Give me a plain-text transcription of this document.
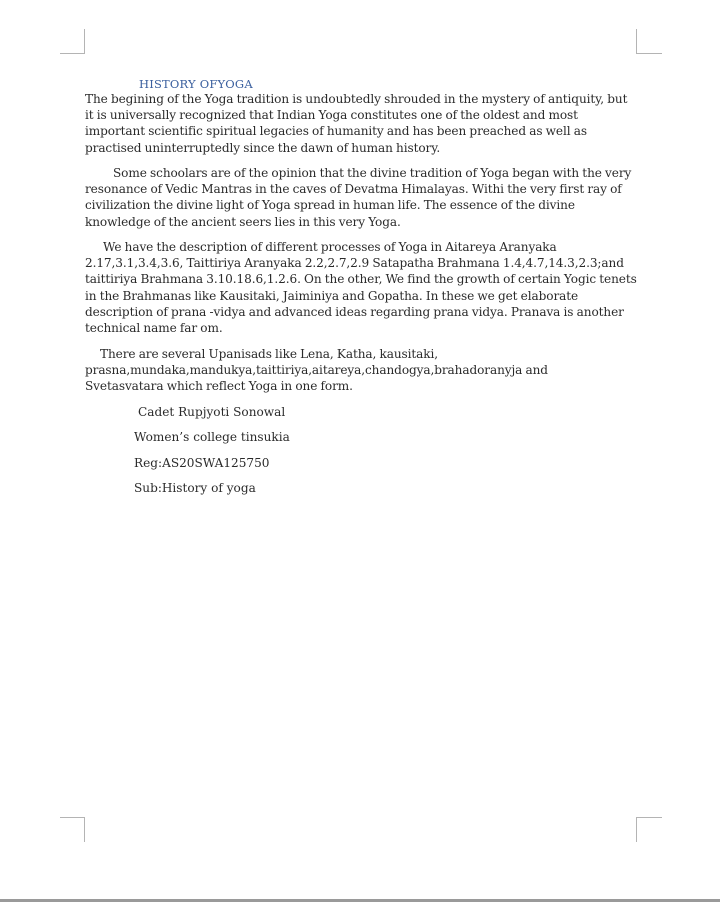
HISTORY OFYOGA
The begining of the Yoga tradition is undoubtedly shrouded in the mystery of antiquity, but
it is universally recognized that Indian Yoga constitutes one of the oldest and most
important scientific spiritual legacies of humanity and has been preached as well as
practised uninterruptedly since the dawn of human history.
Some schoolars are of the opinion that the divine tradition of Yoga began with the very
resonance of Vedic Mantras in the caves of Devatma Himalayas. Withi the very first ray of
civilization the divine light of Yoga spread in human life. The essence of the divine
knowledge of the ancient seers lies in this very Yoga.
We have the description of different processes of Yoga in Aitareya Aranyaka
2.17,3.1,3.4,3.6, Taittiriya Aranyaka 2.2,2.7,2.9 Satapatha Brahmana 1.4,4.7,14.3,2.3;and
taittiriya Brahmana 3.10.18.6,1.2.6. On the other, We find the growth of certain Yogic tenets
in the Brahmanas like Kausitaki, Jaiminiya and Gopatha. In these we get elaborate
description of prana -vidya and advanced ideas regarding prana vidya. Pranava is another
technical name far om.
There are several Upanisads like Lena, Katha, kausitaki,
prasna,mundaka,mandukya,taittiriya,aitareya,chandogya,brahadoranyja and
Svetasvatara which reflect Yoga in one form.
Cadet Rupjyoti Sonowal
Women’s college tinsukia
Reg:AS20SWA125750
Sub:History of yoga
